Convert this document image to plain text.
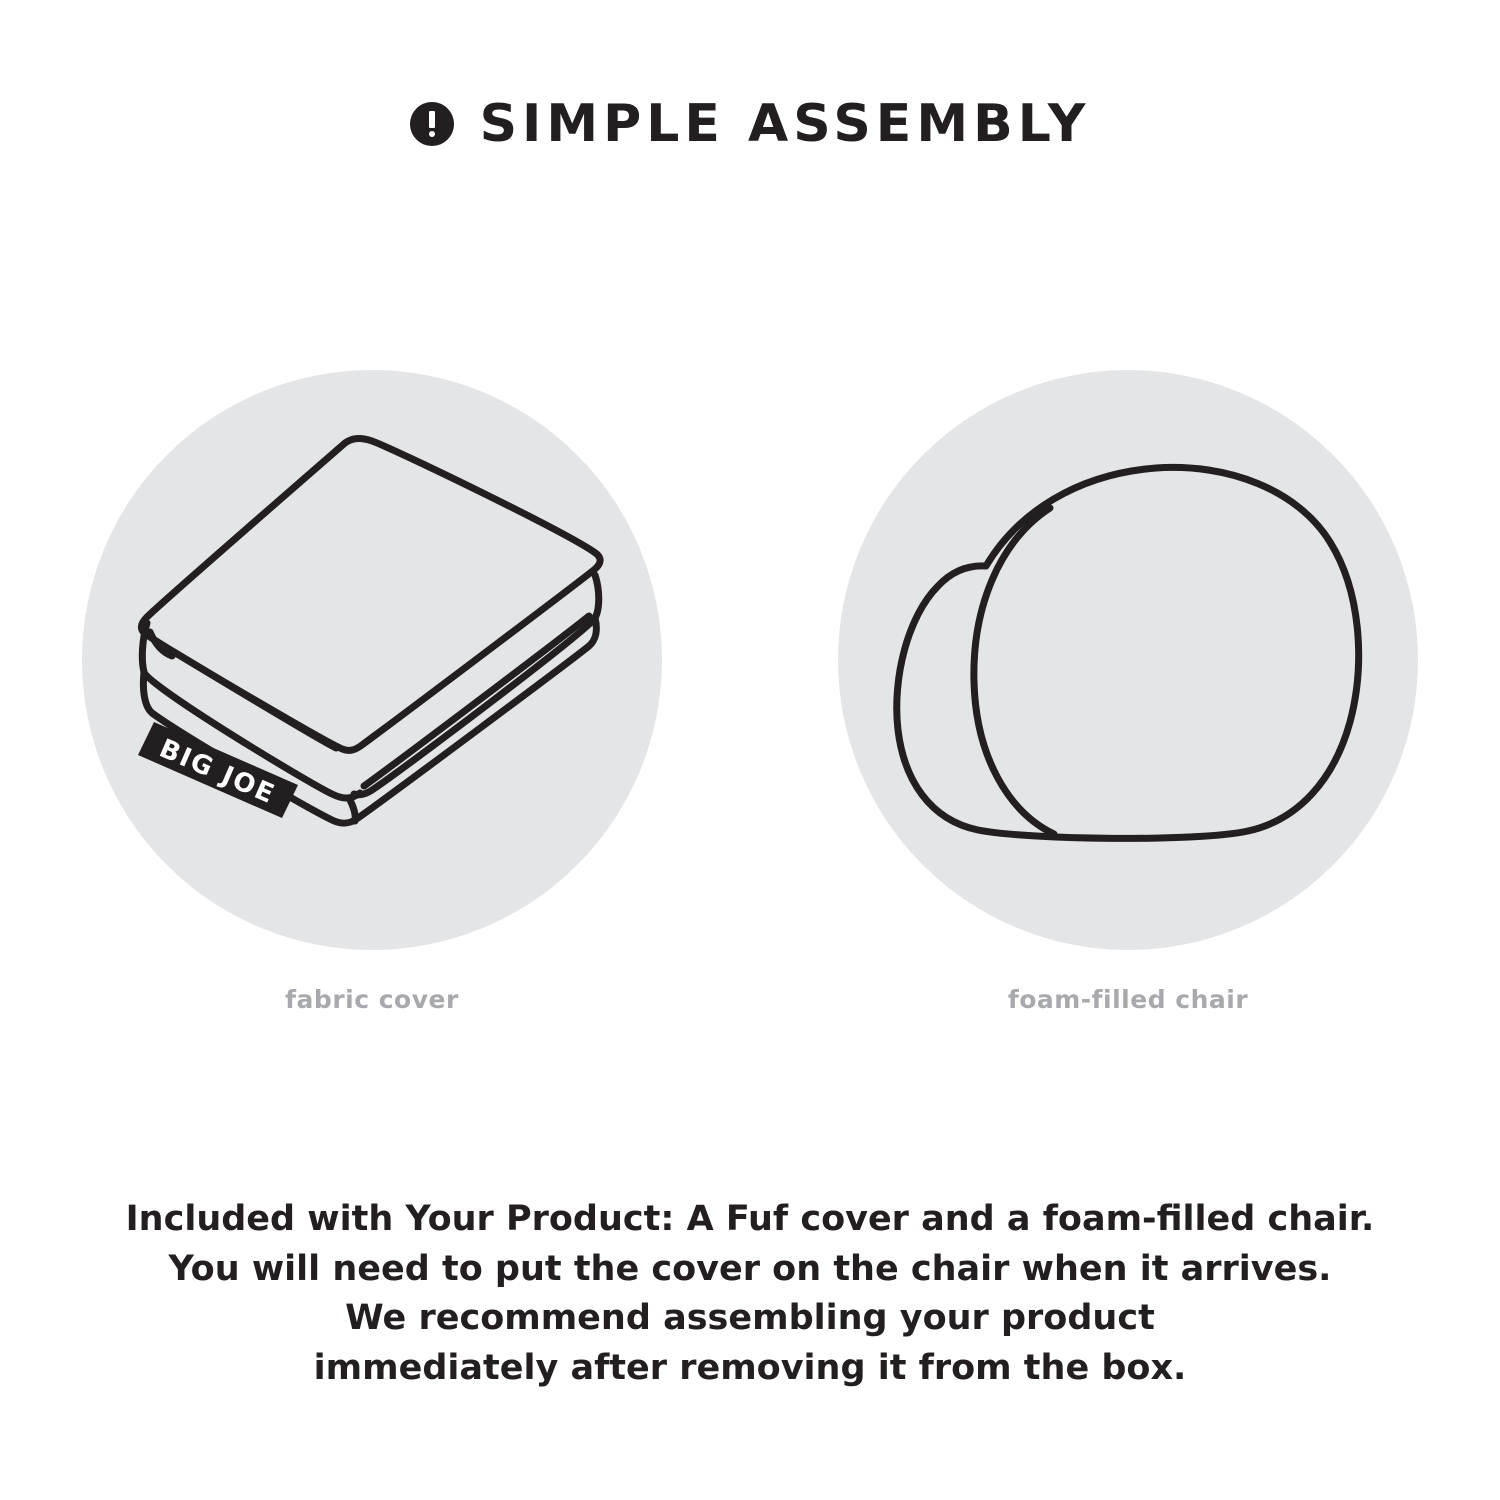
SIMPLE ASSEMBLY
BIG JOE
fabric cover	foam-filled chair

Included with Your Product: A Fuf cover and a foam-filled chair.

You will need to put the cover on the chair when it arrives.

We recommend assembling your product

immediately after removing it from the box.
